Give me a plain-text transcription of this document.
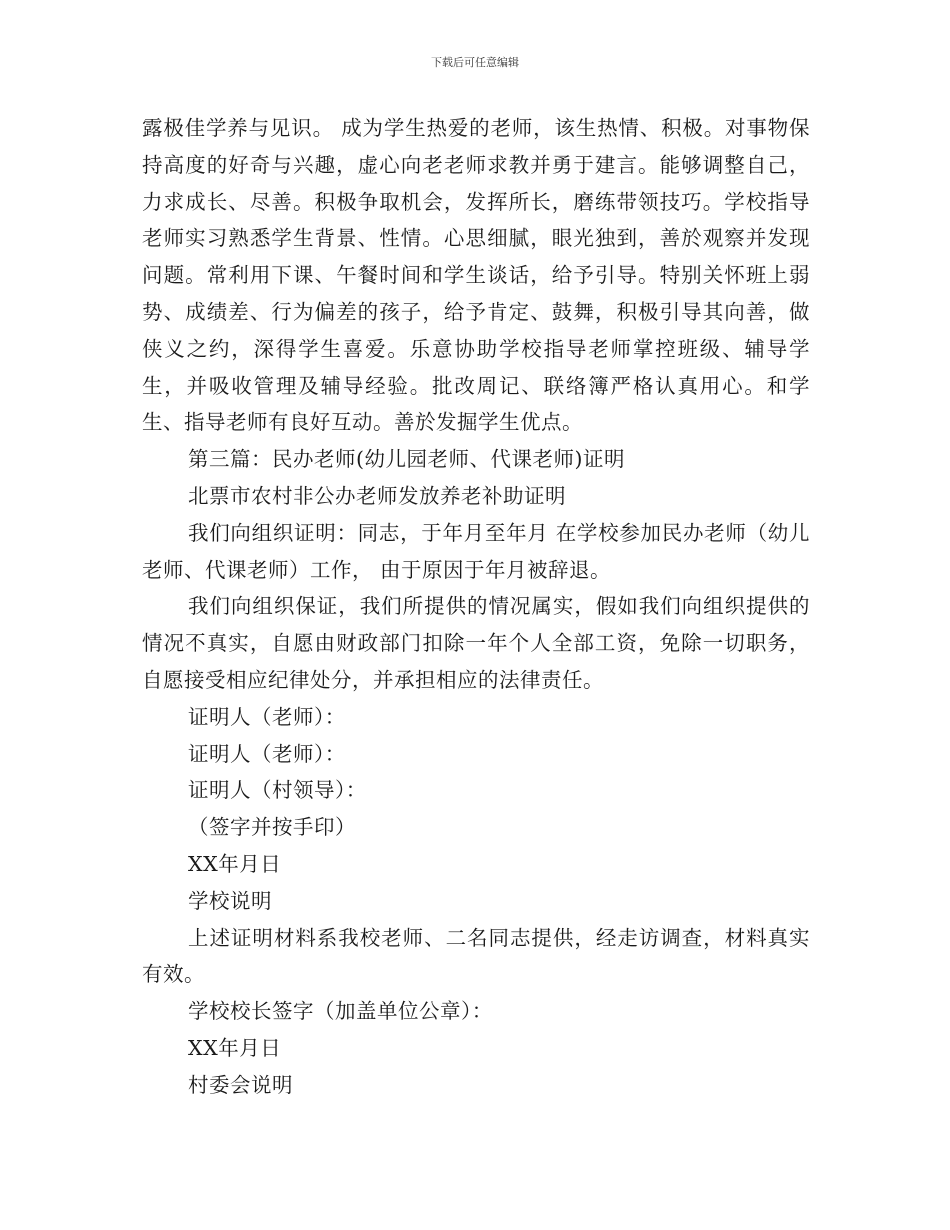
下载后可任意编辑

露极佳学养与见识。 成为学生热爱的老师，该生热情、积极。对事物保持高度的好奇与兴趣，虚心向老老师求教并勇于建言。能够调整自己，力求成长、尽善。积极争取机会，发挥所长，磨练带领技巧。学校指导老师实习熟悉学生背景、性情。心思细腻，眼光独到，善於观察并发现问题。常利用下课、午餐时间和学生谈话，给予引导。特别关怀班上弱势、成绩差、行为偏差的孩子，给予肯定、鼓舞，积极引导其向善，做侠义之约，深得学生喜爱。乐意协助学校指导老师掌控班级、辅导学生，并吸收管理及辅导经验。批改周记、联络簿严格认真用心。和学生、指导老师有良好互动。善於发掘学生优点。

第三篇：民办老师(幼儿园老师、代课老师)证明

北票市农村非公办老师发放养老补助证明

我们向组织证明：同志，于年月至年月 在学校参加民办老师（幼儿老师、代课老师）工作， 由于原因于年月被辞退。

我们向组织保证，我们所提供的情况属实，假如我们向组织提供的情况不真实，自愿由财政部门扣除一年个人全部工资，免除一切职务，自愿接受相应纪律处分，并承担相应的法律责任。

证明人（老师）：

证明人（老师）：

证明人（村领导）：

（签字并按手印）

XX年月日

学校说明

上述证明材料系我校老师、二名同志提供，经走访调查，材料真实有效。

学校校长签字（加盖单位公章）：

XX年月日

村委会说明
